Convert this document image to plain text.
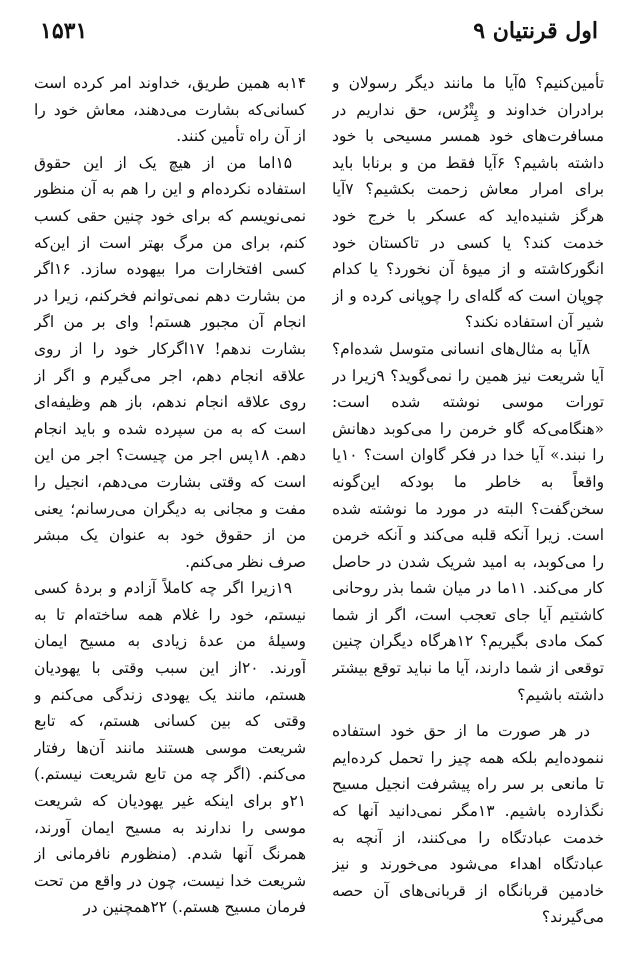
اول قرنتیان ۹
۱۵۳۱

تأمین‌کنیم؟ ۵آیا ما مانند دیگر رسولان و برادران خداوند و پِتْرُس، حق نداریم در مسافرت‌های خود همسر مسیحی با خود داشته باشیم؟ ۶آیا فقط من و برنابا باید برای امرار معاش زحمت بکشیم؟ ۷آیا هرگز شنیده‌اید که عسکر با خرج خود خدمت کند؟ یا کسی در تاکستان خود انگورکاشته و از میوهٔ آن نخورد؟ یا کدام چوپان است که گله‌ای را چوپانی کرده و از شیر آن استفاده نکند؟

۸آیا به مثال‌های انسانی متوسل شده‌ام؟ آیا شریعت نیز همین را نمی‌گوید؟ ۹زیرا در تورات موسی نوشته شده است: «هنگامی‌که گاو خرمن را می‌کوبد دهانش را نبند.» آیا خدا در فکر گاوان است؟ ۱۰یا واقعاً به خاطر ما بودکه این‌گونه سخن‌گفت؟ البته در مورد ما نوشته شده است. زیرا آنکه قلبه می‌کند و آنکه خرمن را می‌کوبد، به امید شریک شدن در حاصل کار می‌کند. ۱۱ما در میان شما بذر روحانی کاشتیم آیا جای تعجب است، اگر از شما کمک مادی بگیریم؟ ۱۲هرگاه دیگران چنین توقعی از شما دارند، آیا ما نباید توقع بیشتر داشته باشیم؟

در هر صورت ما از حق خود استفاده ننموده‌ایم بلکه همه چیز را تحمل کرده‌ایم تا مانعی بر سر راه پیشرفت انجیل مسیح نگذارده باشیم. ۱۳مگر نمی‌دانید آنها که خدمت عبادتگاه را می‌کنند، از آنچه به عبادتگاه اهداء می‌شود می‌خورند و نیز خادمین قربانگاه از قربانی‌های آن حصه می‌گیرند؟

۱۴به همین طریق، خداوند امر کرده است کسانی‌که بشارت می‌دهند، معاش خود را از آن راه تأمین کنند.

۱۵اما من از هیچ یک از این حقوق استفاده نکرده‌ام و این را هم به آن منظور نمی‌نویسم که برای خود چنین حقی کسب کنم، برای من مرگ بهتر است از این‌که کسی افتخارات مرا بیهوده سازد. ۱۶اگر من بشارت دهم نمی‌توانم فخرکنم، زیرا در انجام آن مجبور هستم! وای بر من اگر بشارت ندهم! ۱۷اگرکار خود را از روی علاقه انجام دهم، اجر می‌گیرم و اگر از روی علاقه انجام ندهم، باز هم وظیفه‌ای است که به من سپرده شده و باید انجام دهم. ۱۸پس اجر من چیست؟ اجر من این است که وقتی بشارت می‌دهم، انجیل را مفت و مجانی به دیگران می‌رسانم؛ یعنی من از حقوق خود به عنوان یک مبشر صرف نظر می‌کنم.

۱۹زیرا اگر چه کاملاً آزادم و بردهٔ کسی نیستم، خود را غلام همه ساخته‌ام تا به وسیلهٔ من عدهٔ زیادی به مسیح ایمان آورند. ۲۰از این سبب وقتی با یهودیان هستم، مانند یک یهودی زندگی می‌کنم و وقتی که بین کسانی هستم، که تابع شریعت موسی هستند مانند آن‌ها رفتار می‌کنم. (اگر چه من تابع شریعت نیستم.) ۲۱و برای اینکه غیر یهودیان که شریعت موسی را ندارند به مسیح ایمان آورند، همرنگ آنها شدم. (منظورم نافرمانی از شریعت خدا نیست، چون در واقع من تحت فرمان مسیح هستم.) ۲۲همچنین در
